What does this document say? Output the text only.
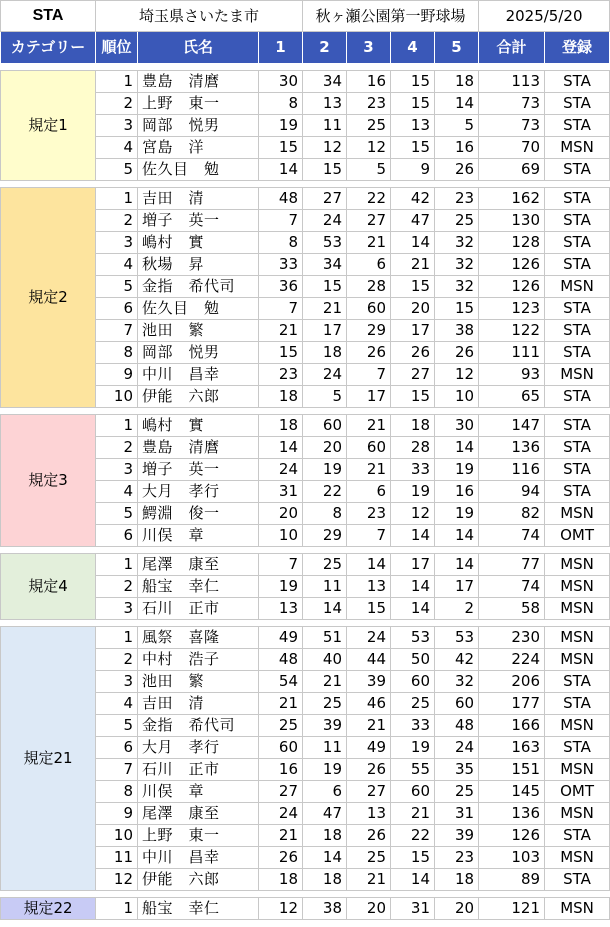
STA	埼玉県さいたま市			秋ヶ瀬公園第一野球場				2025/5/20	
カテゴリー	順位	氏名	1	2	3	4	5	合計	登録

規定1	1	豊島　清麿	30	34	16	15	18	113	STA
	2	上野　東一	8	13	23	15	14	73	STA
	3	岡部　悦男	19	11	25	13	5	73	STA
	4	宮島　洋	15	12	12	15	16	70	MSN
	5	佐久目　勉	14	15	5	9	26	69	STA

規定2	1	吉田　清	48	27	22	42	23	162	STA
	2	増子　英一	7	24	27	47	25	130	STA
	3	嶋村　實	8	53	21	14	32	128	STA
	4	秋場　昇	33	34	6	21	32	126	STA
	5	金指　希代司	36	15	28	15	32	126	MSN
	6	佐久目　勉	7	21	60	20	15	123	STA
	7	池田　繁	21	17	29	17	38	122	STA
	8	岡部　悦男	15	18	26	26	26	111	STA
	9	中川　昌幸	23	24	7	27	12	93	MSN
	10	伊能　六郎	18	5	17	15	10	65	STA

規定3	1	嶋村　實	18	60	21	18	30	147	STA
	2	豊島　清麿	14	20	60	28	14	136	STA
	3	増子　英一	24	19	21	33	19	116	STA
	4	大月　孝行	31	22	6	19	16	94	STA
	5	鰐淵　俊一	20	8	23	12	19	82	MSN
	6	川俣　章	10	29	7	14	14	74	OMT

規定4	1	尾澤　康至	7	25	14	17	14	77	MSN
	2	船宝　幸仁	19	11	13	14	17	74	MSN
	3	石川　正市	13	14	15	14	2	58	MSN

規定21	1	風祭　喜隆	49	51	24	53	53	230	MSN
	2	中村　浩子	48	40	44	50	42	224	MSN
	3	池田　繁	54	21	39	60	32	206	STA
	4	吉田　清	21	25	46	25	60	177	STA
	5	金指　希代司	25	39	21	33	48	166	MSN
	6	大月　孝行	60	11	49	19	24	163	STA
	7	石川　正市	16	19	26	55	35	151	MSN
	8	川俣　章	27	6	27	60	25	145	OMT
	9	尾澤　康至	24	47	13	21	31	136	MSN
	10	上野　東一	21	18	26	22	39	126	STA
	11	中川　昌幸	26	14	25	15	23	103	MSN
	12	伊能　六郎	18	18	21	14	18	89	STA

規定22	1	船宝　幸仁	12	38	20	31	20	121	MSN
